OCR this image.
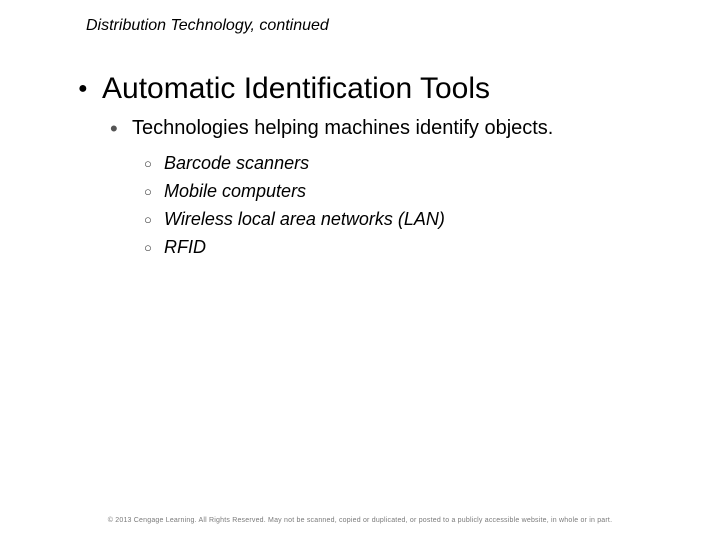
Distribution Technology, continued
● Automatic Identification Tools
• Technologies helping machines identify objects.
○ Barcode scanners
○ Mobile computers
○ Wireless local area networks (LAN)
○ RFID
© 2013 Cengage Learning. All Rights Reserved. May not be scanned, copied or duplicated, or posted to a publicly accessible website, in whole or in part.
